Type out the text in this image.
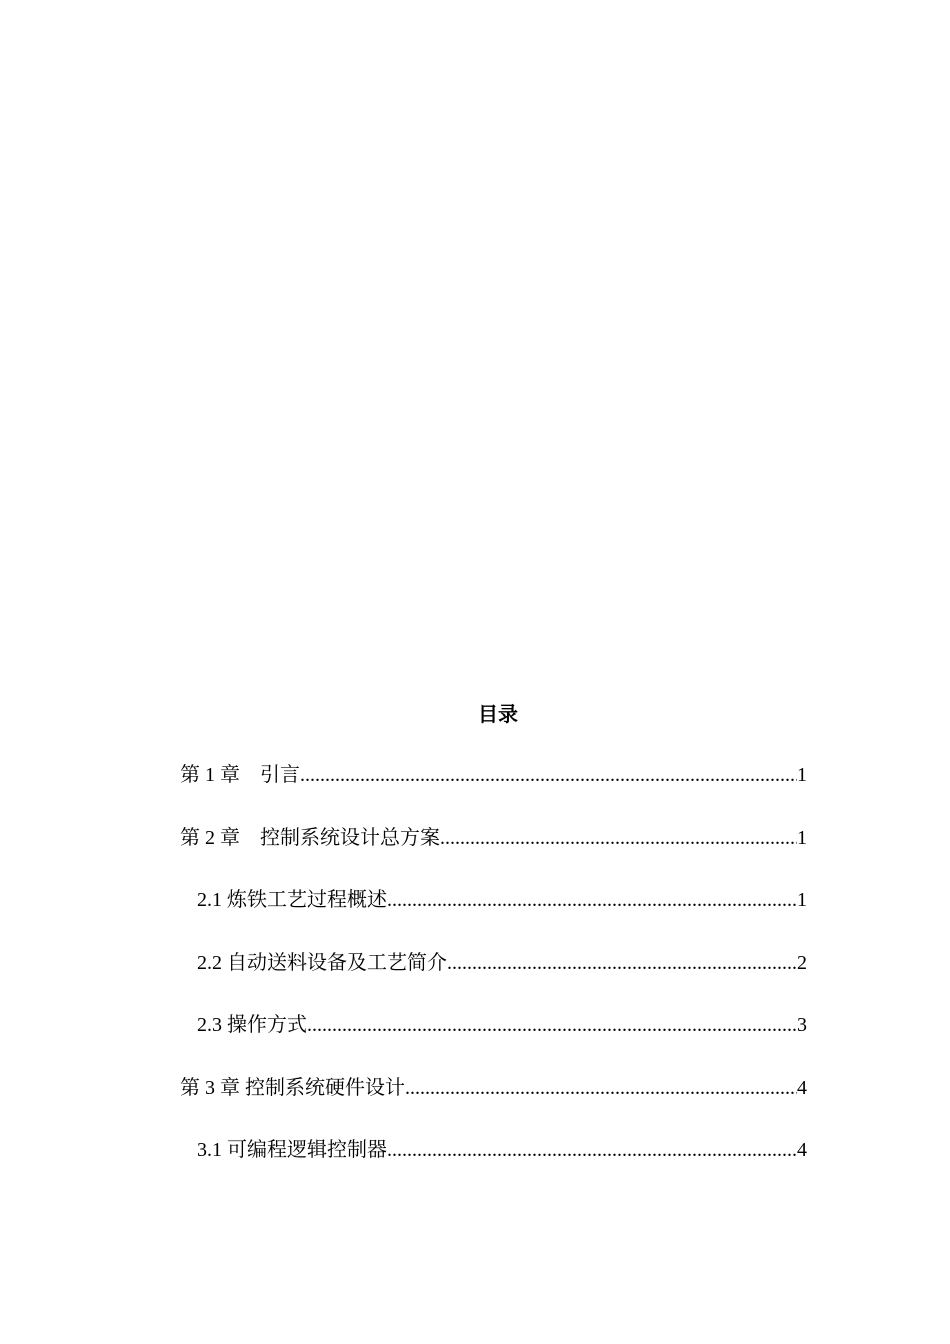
目录
第 1 章　引言 .....	1
第 2 章　控制系统设计总方案 .....	1
2.1 炼铁工艺过程概述 .....	1
2.2 自动送料设备及工艺简介 .....	2
2.3 操作方式 .....	3
第 3 章 控制系统硬件设计 .....	4
3.1 可编程逻辑控制器 .....	4
